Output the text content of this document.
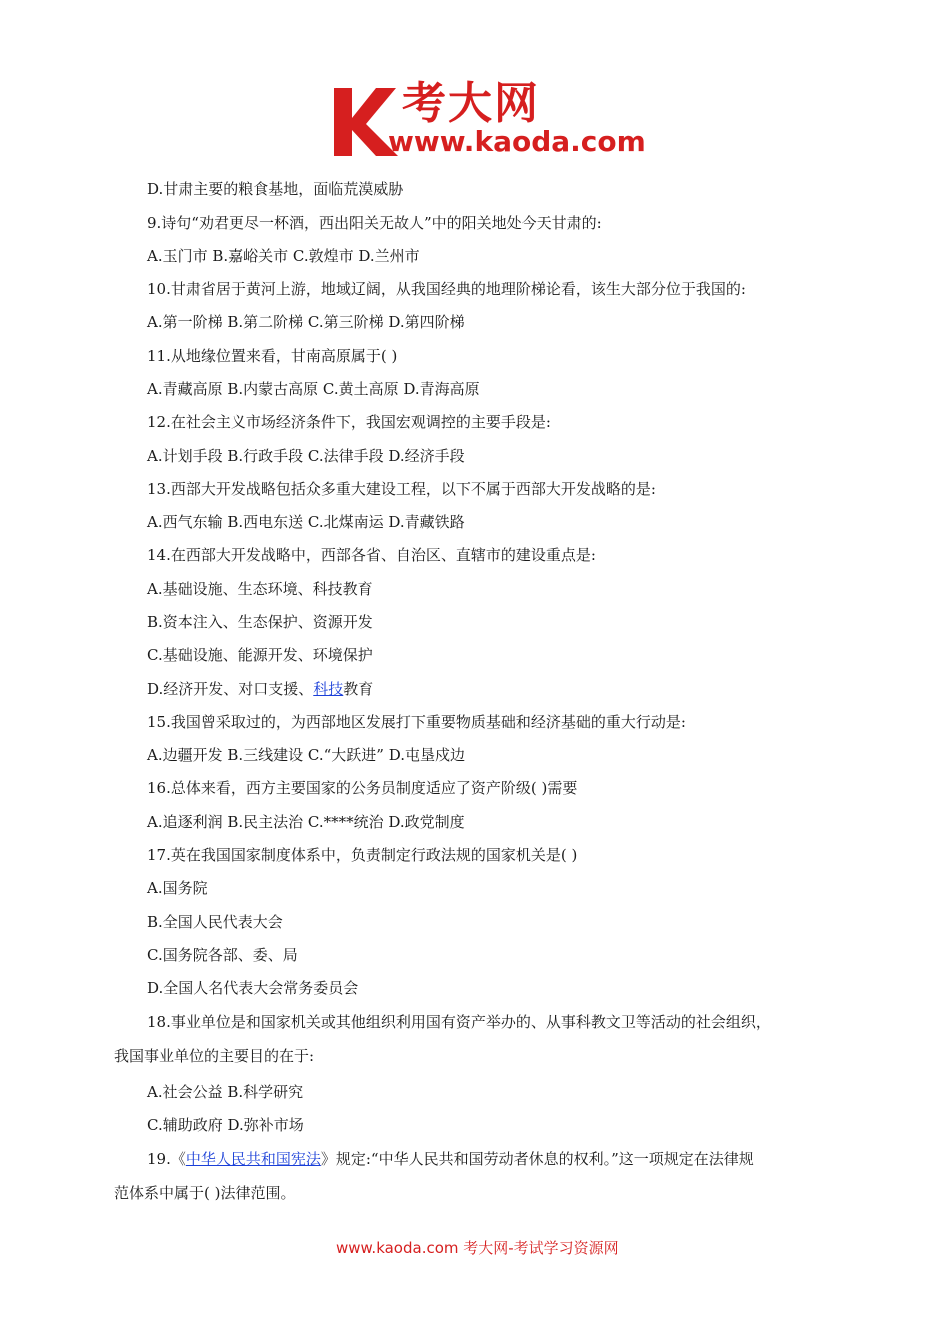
考大网
www.kaoda.com
D.甘肃主要的粮食基地，面临荒漠威胁
9.诗句“劝君更尽一杯酒，西出阳关无故人”中的阳关地处今天甘肃的:
A.玉门市 B.嘉峪关市 C.敦煌市 D.兰州市
10.甘肃省居于黄河上游，地域辽阔，从我国经典的地理阶梯论看，该生大部分位于我国的:
A.第一阶梯 B.第二阶梯 C.第三阶梯 D.第四阶梯
11.从地缘位置来看，甘南高原属于( )
A.青藏高原 B.内蒙古高原 C.黄土高原 D.青海高原
12.在社会主义市场经济条件下，我国宏观调控的主要手段是:
A.计划手段 B.行政手段 C.法律手段 D.经济手段
13.西部大开发战略包括众多重大建设工程，以下不属于西部大开发战略的是:
A.西气东输 B.西电东送 C.北煤南运 D.青藏铁路
14.在西部大开发战略中，西部各省、自治区、直辖市的建设重点是:
A.基础设施、生态环境、科技教育
B.资本注入、生态保护、资源开发
C.基础设施、能源开发、环境保护
D.经济开发、对口支援、科技教育
15.我国曾采取过的，为西部地区发展打下重要物质基础和经济基础的重大行动是:
A.边疆开发 B.三线建设 C.“大跃进” D.屯垦戍边
16.总体来看，西方主要国家的公务员制度适应了资产阶级( )需要
A.追逐利润 B.民主法治 C.****统治 D.政党制度
17.英在我国国家制度体系中，负责制定行政法规的国家机关是( )
A.国务院
B.全国人民代表大会
C.国务院各部、委、局
D.全国人名代表大会常务委员会
18.事业单位是和国家机关或其他组织利用国有资产举办的、从事科教文卫等活动的社会组织，
我国事业单位的主要目的在于:
A.社会公益 B.科学研究
C.辅助政府 D.弥补市场
19.《中华人民共和国宪法》规定:“中华人民共和国劳动者休息的权利。”这一项规定在法律规
范体系中属于( )法律范围。
www.kaoda.com 考大网-考试学习资源网
